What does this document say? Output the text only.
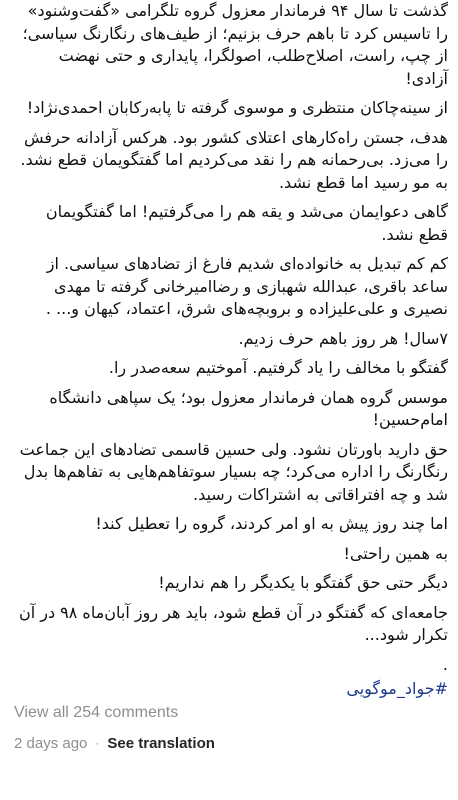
گذشت تا سال ۹۴ فرماندار معزول گروه تلگرامی «گفت‌وشنود» را تاسیس کرد تا باهم حرف بزنیم؛ از طیف‌های رنگارنگ سیاسی؛ از چپ، راست، اصلاح‌طلب، اصولگرا، پایداری و حتی نهضت آزادی!

از سینه‌چاکان منتظری و موسوی گرفته تا پابه‌رکابان احمدی‌نژاد!

هدف، جستن راه‌کارهای اعتلای کشور بود. هرکس آزادانه حرفش را می‌زد. بی‌رحمانه هم را نقد می‌کردیم اما گفتگویمان قطع نشد. به مو رسید اما قطع نشد.

گاهی دعوایمان می‌شد و یقه هم را می‌گرفتیم! اما گفتگویمان قطع نشد.

کم کم تبدیل به خانواده‌ای شدیم فارغ از تضادهای سیاسی. از ساعد باقری، عبدالله شهبازی و رضاامیرخانی گرفته تا مهدی نصیری و علی‌علیزاده و بروبچه‌های شرق، اعتماد، کیهان و... .

۷سال! هر روز باهم حرف زدیم.

گفتگو با مخالف را یاد گرفتیم. آموختیم سعه‌صدر را.

موسس گروه همان فرماندار معزول بود؛ یک سپاهی دانشگاه امام‌حسین!

حق دارید باورتان نشود. ولی حسین قاسمی تضادهای این جماعت رنگارنگ را اداره می‌کرد؛ چه بسیار سوتفاهم‌هایی به تفاهم‌ها بدل شد و چه افتراقاتی به اشتراکات رسید.

اما چند روز پیش به او امر کردند، گروه را تعطیل کند!

به همین راحتی!

دیگر حتی حق گفتگو با یکدیگر را هم نداریم!

جامعه‌ای که گفتگو در آن قطع شود، باید هر روز آبان‌ماه ۹۸ در آن تکرار شود...

.

#جواد_موگویی

View all 254 comments
2 days ago · See translation
